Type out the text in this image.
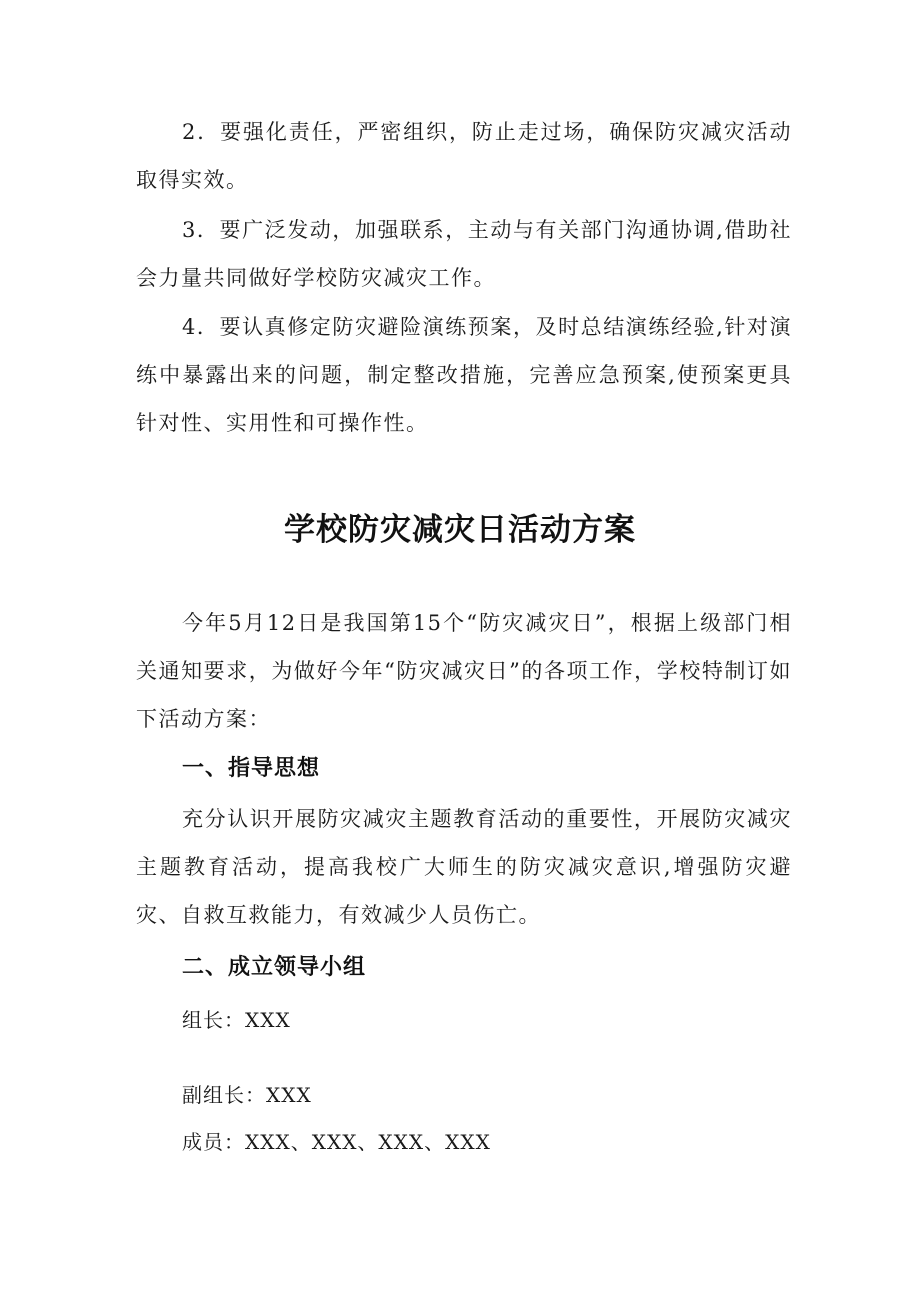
2．要强化责任，严密组织，防止走过场，确保防灾减灾活动取得实效。

3．要广泛发动，加强联系，主动与有关部门沟通协调,借助社会力量共同做好学校防灾减灾工作。

4．要认真修定防灾避险演练预案，及时总结演练经验,针对演练中暴露出来的问题，制定整改措施，完善应急预案,使预案更具针对性、实用性和可操作性。

学校防灾减灾日活动方案

今年5月12日是我国第15个“防灾减灾日”，根据上级部门相关通知要求，为做好今年“防灾减灾日”的各项工作，学校特制订如下活动方案：

一、指导思想

充分认识开展防灾减灾主题教育活动的重要性，开展防灾减灾主题教育活动，提高我校广大师生的防灾减灾意识,增强防灾避灾、自救互救能力，有效减少人员伤亡。

二、成立领导小组

组长：XXX

副组长：XXX

成员：XXX、XXX、XXX、XXX
